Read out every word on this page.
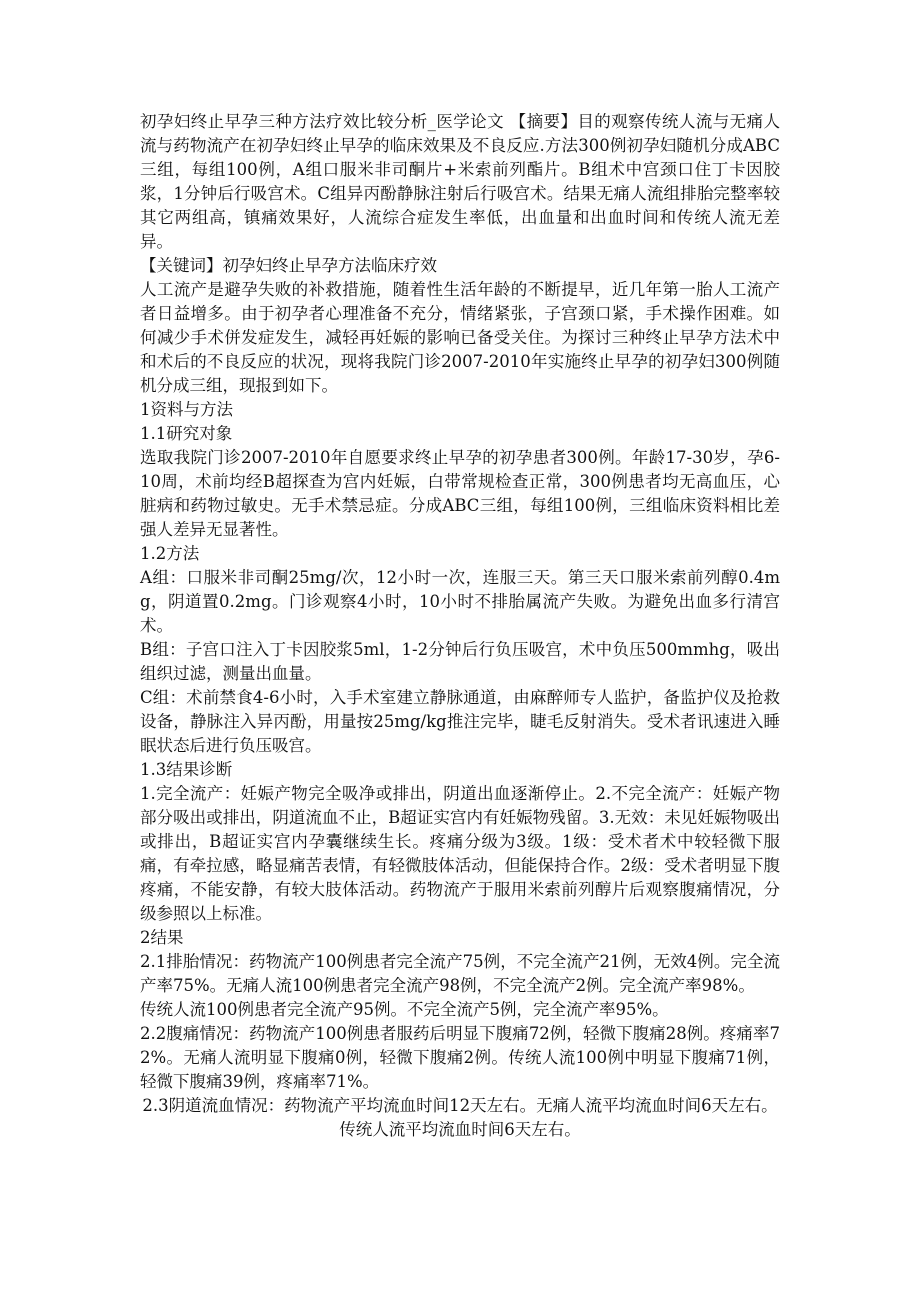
初孕妇终止早孕三种方法疗效比较分析_医学论文 【摘要】目的观察传统人流与无痛人流与药物流产在初孕妇终止早孕的临床效果及不良反应.方法300例初孕妇随机分成ABC三组，每组100例，A组口服米非司酮片+米索前列酯片。B组术中宫颈口住丁卡因胶浆，1分钟后行吸宫术。C组异丙酚静脉注射后行吸宫术。结果无痛人流组排胎完整率较其它两组高，镇痛效果好，人流综合症发生率低，出血量和出血时间和传统人流无差异。

【关键词】初孕妇终止早孕方法临床疗效

人工流产是避孕失败的补救措施，随着性生活年龄的不断提早，近几年第一胎人工流产者日益增多。由于初孕者心理准备不充分，情绪紧张，子宫颈口紧，手术操作困难。如何减少手术併发症发生，减轻再妊娠的影响已备受关住。为探讨三种终止早孕方法术中和术后的不良反应的状况，现将我院门诊2007-2010年实施终止早孕的初孕妇300例随机分成三组，现报到如下。

1资料与方法

1.1研究对象

选取我院门诊2007-2010年自愿要求终止早孕的初孕患者300例。年龄17-30岁，孕6-10周，术前均经B超探查为宫内妊娠，白带常规检查正常，300例患者均无高血压，心脏病和药物过敏史。无手术禁忌症。分成ABC三组，每组100例，三组临床资料相比差强人差异无显著性。

1.2方法

A组：口服米非司酮25mg/次，12小时一次，连服三天。第三天口服米索前列醇0.4mg，阴道置0.2mg。门诊观察4小时，10小时不排胎属流产失败。为避免出血多行清宫术。

B组：子宫口注入丁卡因胶浆5ml，1-2分钟后行负压吸宫，术中负压500mmhg，吸出组织过滤，测量出血量。

C组：术前禁食4-6小时，入手术室建立静脉通道，由麻醉师专人监护，备监护仪及抢救设备，静脉注入异丙酚，用量按25mg/kg推注完毕，睫毛反射消失。受术者讯速进入睡眠状态后进行负压吸宫。

1.3结果诊断

1.完全流产：妊娠产物完全吸净或排出，阴道出血逐渐停止。2.不完全流产：妊娠产物部分吸出或排出，阴道流血不止，B超证实宫内有妊娠物残留。3.无效：未见妊娠物吸出或排出，B超证实宫内孕囊继续生长。疼痛分级为3级。1级：受术者术中较轻微下服痛，有牵拉感，略显痛苦表情，有轻微肢体活动，但能保持合作。2级：受术者明显下腹疼痛，不能安静，有较大肢体活动。药物流产于服用米索前列醇片后观察腹痛情况，分级参照以上标准。

2结果

2.1排胎情况：药物流产100例患者完全流产75例，不完全流产21例，无效4例。完全流产率75%。无痛人流100例患者完全流产98例，不完全流产2例。完全流产率98%。

传统人流100例患者完全流产95例。不完全流产5例，完全流产率95%。

2.2腹痛情况：药物流产100例患者服药后明显下腹痛72例，轻微下腹痛28例。疼痛率72%。无痛人流明显下腹痛0例，轻微下腹痛2例。传统人流100例中明显下腹痛71例，轻微下腹痛39例，疼痛率71%。

2.3阴道流血情况：药物流产平均流血时间12天左右。无痛人流平均流血时间6天左右。传统人流平均流血时间6天左右。
